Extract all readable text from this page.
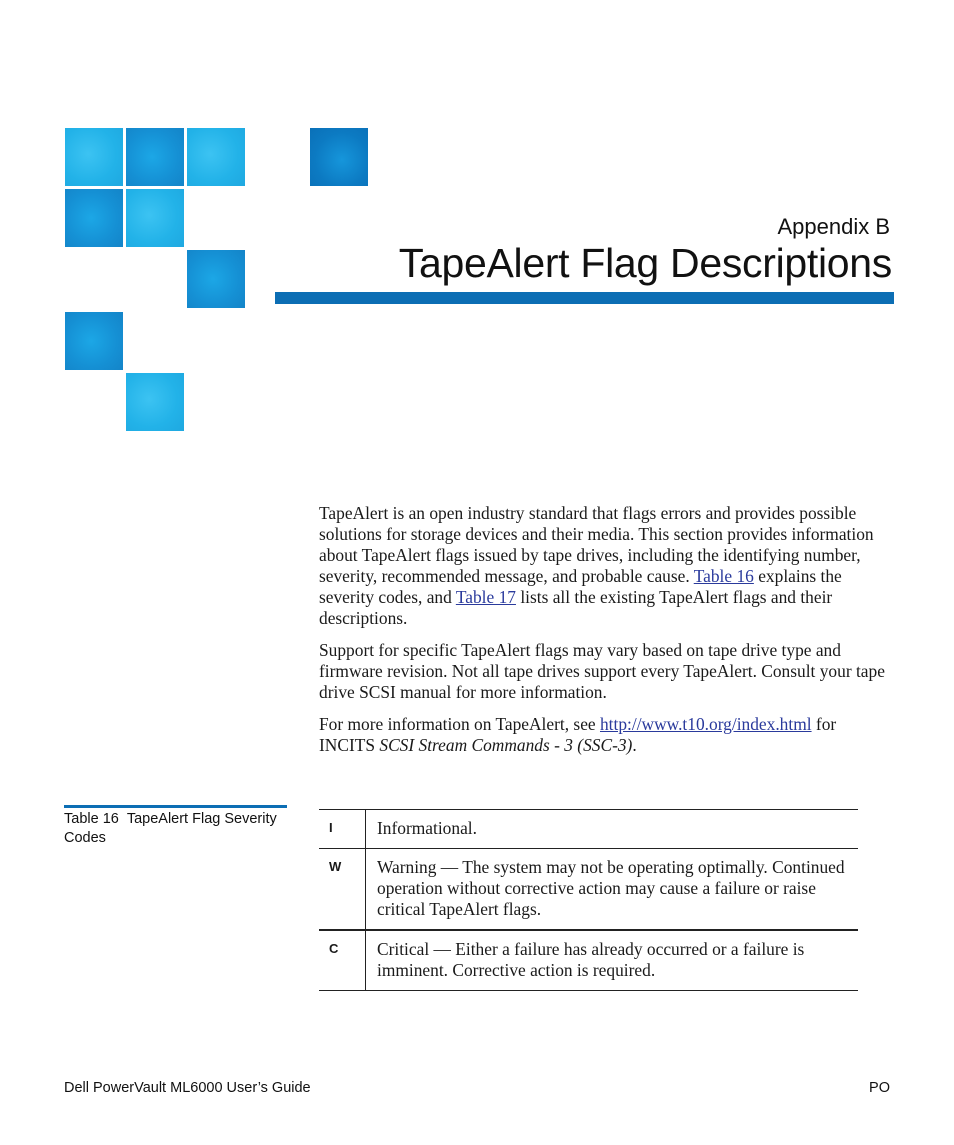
Appendix B
TapeAlert Flag Descriptions

TapeAlert is an open industry standard that flags errors and provides possible solutions for storage devices and their media. This section provides information about TapeAlert flags issued by tape drives, including the identifying number, severity, recommended message, and probable cause. Table 16 explains the severity codes, and Table 17 lists all the existing TapeAlert flags and their descriptions.

Support for specific TapeAlert flags may vary based on tape drive type and firmware revision. Not all tape drives support every TapeAlert. Consult your tape drive SCSI manual for more information.

For more information on TapeAlert, see http://www.t10.org/index.html for INCITS SCSI Stream Commands - 3 (SSC-3).

Table 16 TapeAlert Flag Severity Codes
I	Informational.
W	Warning — The system may not be operating optimally. Continued operation without corrective action may cause a failure or raise critical TapeAlert flags.
C	Critical — Either a failure has already occurred or a failure is imminent. Corrective action is required.
Dell PowerVault ML6000 User’s Guide	PO
